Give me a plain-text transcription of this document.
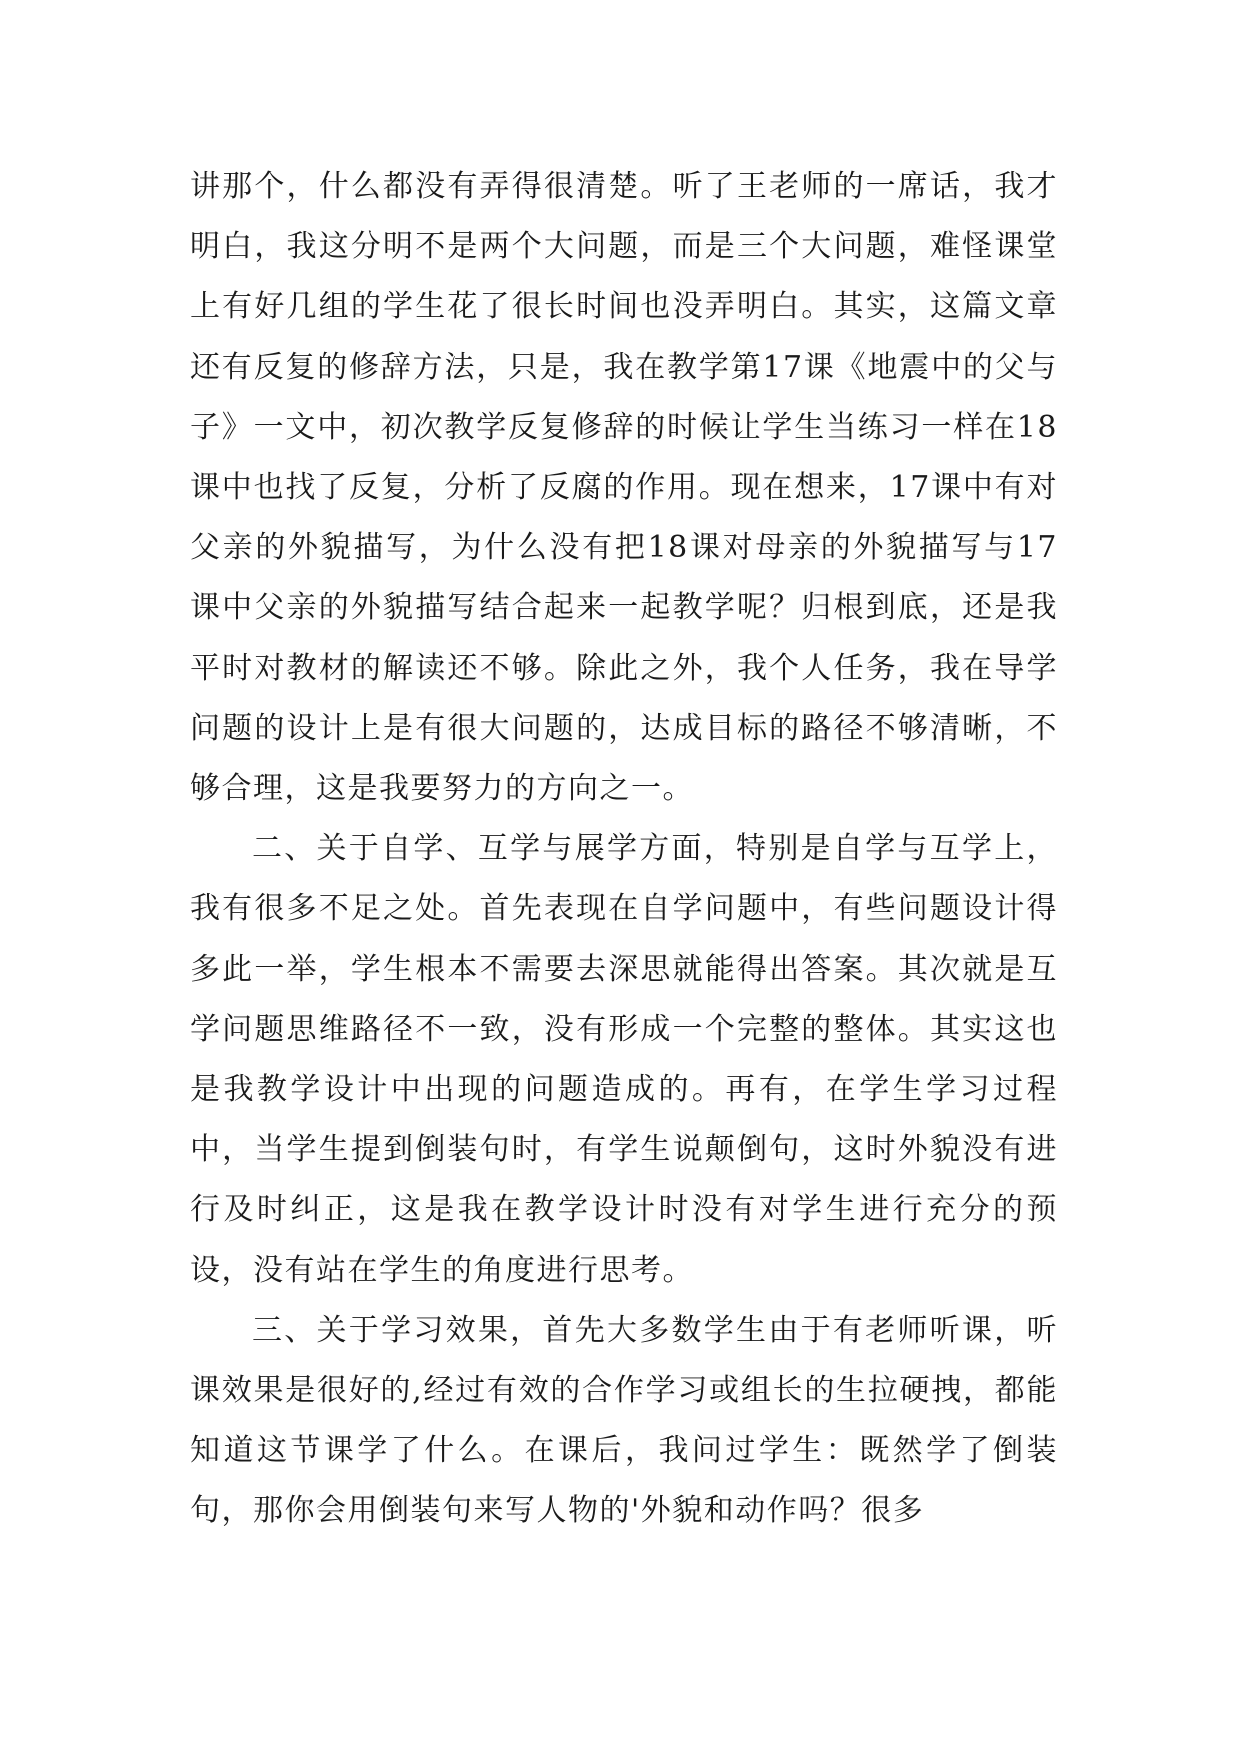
讲那个，什么都没有弄得很清楚。听了王老师的一席话，我才明白，我这分明不是两个大问题，而是三个大问题，难怪课堂上有好几组的学生花了很长时间也没弄明白。其实，这篇文章还有反复的修辞方法，只是，我在教学第17课《地震中的父与子》一文中，初次教学反复修辞的时候让学生当练习一样在18课中也找了反复，分析了反腐的作用。现在想来，17课中有对父亲的外貌描写，为什么没有把18课对母亲的外貌描写与17课中父亲的外貌描写结合起来一起教学呢？归根到底，还是我平时对教材的解读还不够。除此之外，我个人任务，我在导学问题的设计上是有很大问题的，达成目标的路径不够清晰，不够合理，这是我要努力的方向之一。

二、关于自学、互学与展学方面，特别是自学与互学上，我有很多不足之处。首先表现在自学问题中，有些问题设计得多此一举，学生根本不需要去深思就能得出答案。其次就是互学问题思维路径不一致，没有形成一个完整的整体。其实这也是我教学设计中出现的问题造成的。再有，在学生学习过程中，当学生提到倒装句时，有学生说颠倒句，这时外貌没有进行及时纠正，这是我在教学设计时没有对学生进行充分的预设，没有站在学生的角度进行思考。

三、关于学习效果，首先大多数学生由于有老师听课，听课效果是很好的,经过有效的合作学习或组长的生拉硬拽，都能知道这节课学了什么。在课后，我问过学生：既然学了倒装句，那你会用倒装句来写人物的'外貌和动作吗？很多
